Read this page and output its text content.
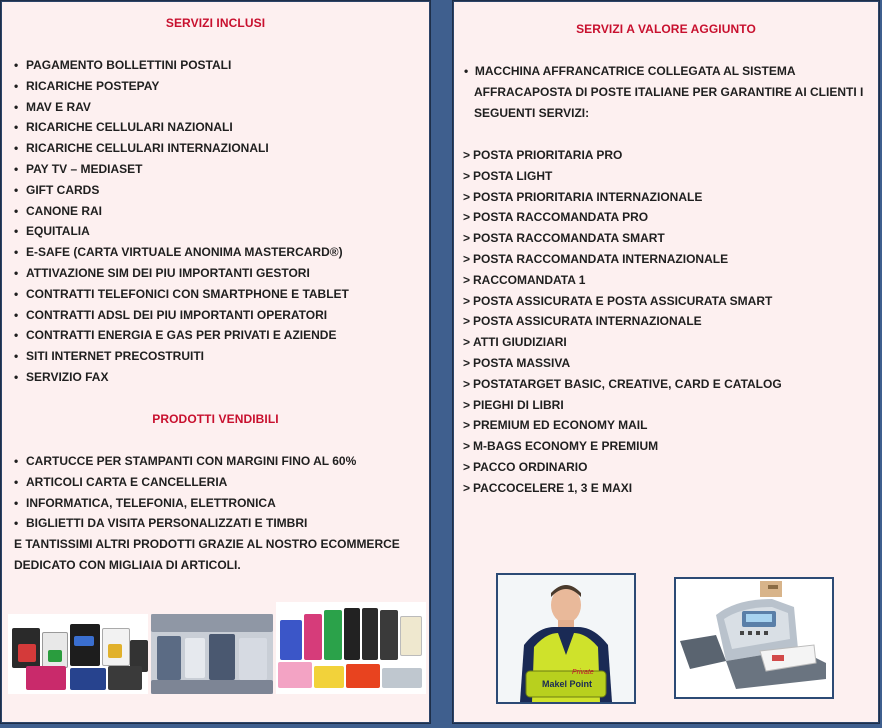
SERVIZI INCLUSI
• PAGAMENTO BOLLETTINI POSTALI
• RICARICHE POSTEPAY
• MAV E RAV
• RICARICHE CELLULARI NAZIONALI
• RICARICHE CELLULARI INTERNAZIONALI
• PAY TV – MEDIASET
• GIFT CARDS
• CANONE RAI
• EQUITALIA
• E-SAFE (CARTA VIRTUALE ANONIMA MASTERCARD®)
• ATTIVAZIONE SIM DEI PIU IMPORTANTI GESTORI
• CONTRATTI TELEFONICI CON SMARTPHONE E TABLET
• CONTRATTI ADSL DEI PIU IMPORTANTI OPERATORI
• CONTRATTI ENERGIA E GAS PER PRIVATI E AZIENDE
• SITI INTERNET PRECOSTRUITI
• SERVIZIO FAX
PRODOTTI VENDIBILI
• CARTUCCE PER STAMPANTI CON MARGINI FINO AL 60%
• ARTICOLI CARTA E CANCELLERIA
• INFORMATICA, TELEFONIA, ELETTRONICA
• BIGLIETTI DA VISITA PERSONALIZZATI E TIMBRI
E TANTISSIMI ALTRI PRODOTTI GRAZIE AL NOSTRO ECOMMERCE
DEDICATO CON MIGLIAIA DI ARTICOLI.
SERVIZI A VALORE AGGIUNTO
• MACCHINA AFFRANCATRICE COLLEGATA AL SISTEMA
AFFRACAPOSTA DI POSTE ITALIANE PER GARANTIRE AI CLIENTI I
SEGUENTI SERVIZI:
> POSTA PRIORITARIA PRO
> POSTA LIGHT
> POSTA PRIORITARIA INTERNAZIONALE
> POSTA RACCOMANDATA PRO
> POSTA RACCOMANDATA SMART
> POSTA RACCOMANDATA INTERNAZIONALE
> RACCOMANDATA 1
> POSTA ASSICURATA E POSTA ASSICURATA SMART
> POSTA ASSICURATA INTERNAZIONALE
> ATTI GIUDIZIARI
> POSTA MASSIVA
> POSTATARGET BASIC, CREATIVE, CARD E CATALOG
> PIEGHI DI LIBRI
> PREMIUM ED ECONOMY MAIL
> M-BAGS ECONOMY E PREMIUM
> PACCO ORDINARIO
> PACCOCELERE 1, 3 E MAXI
Makel Point
Private
